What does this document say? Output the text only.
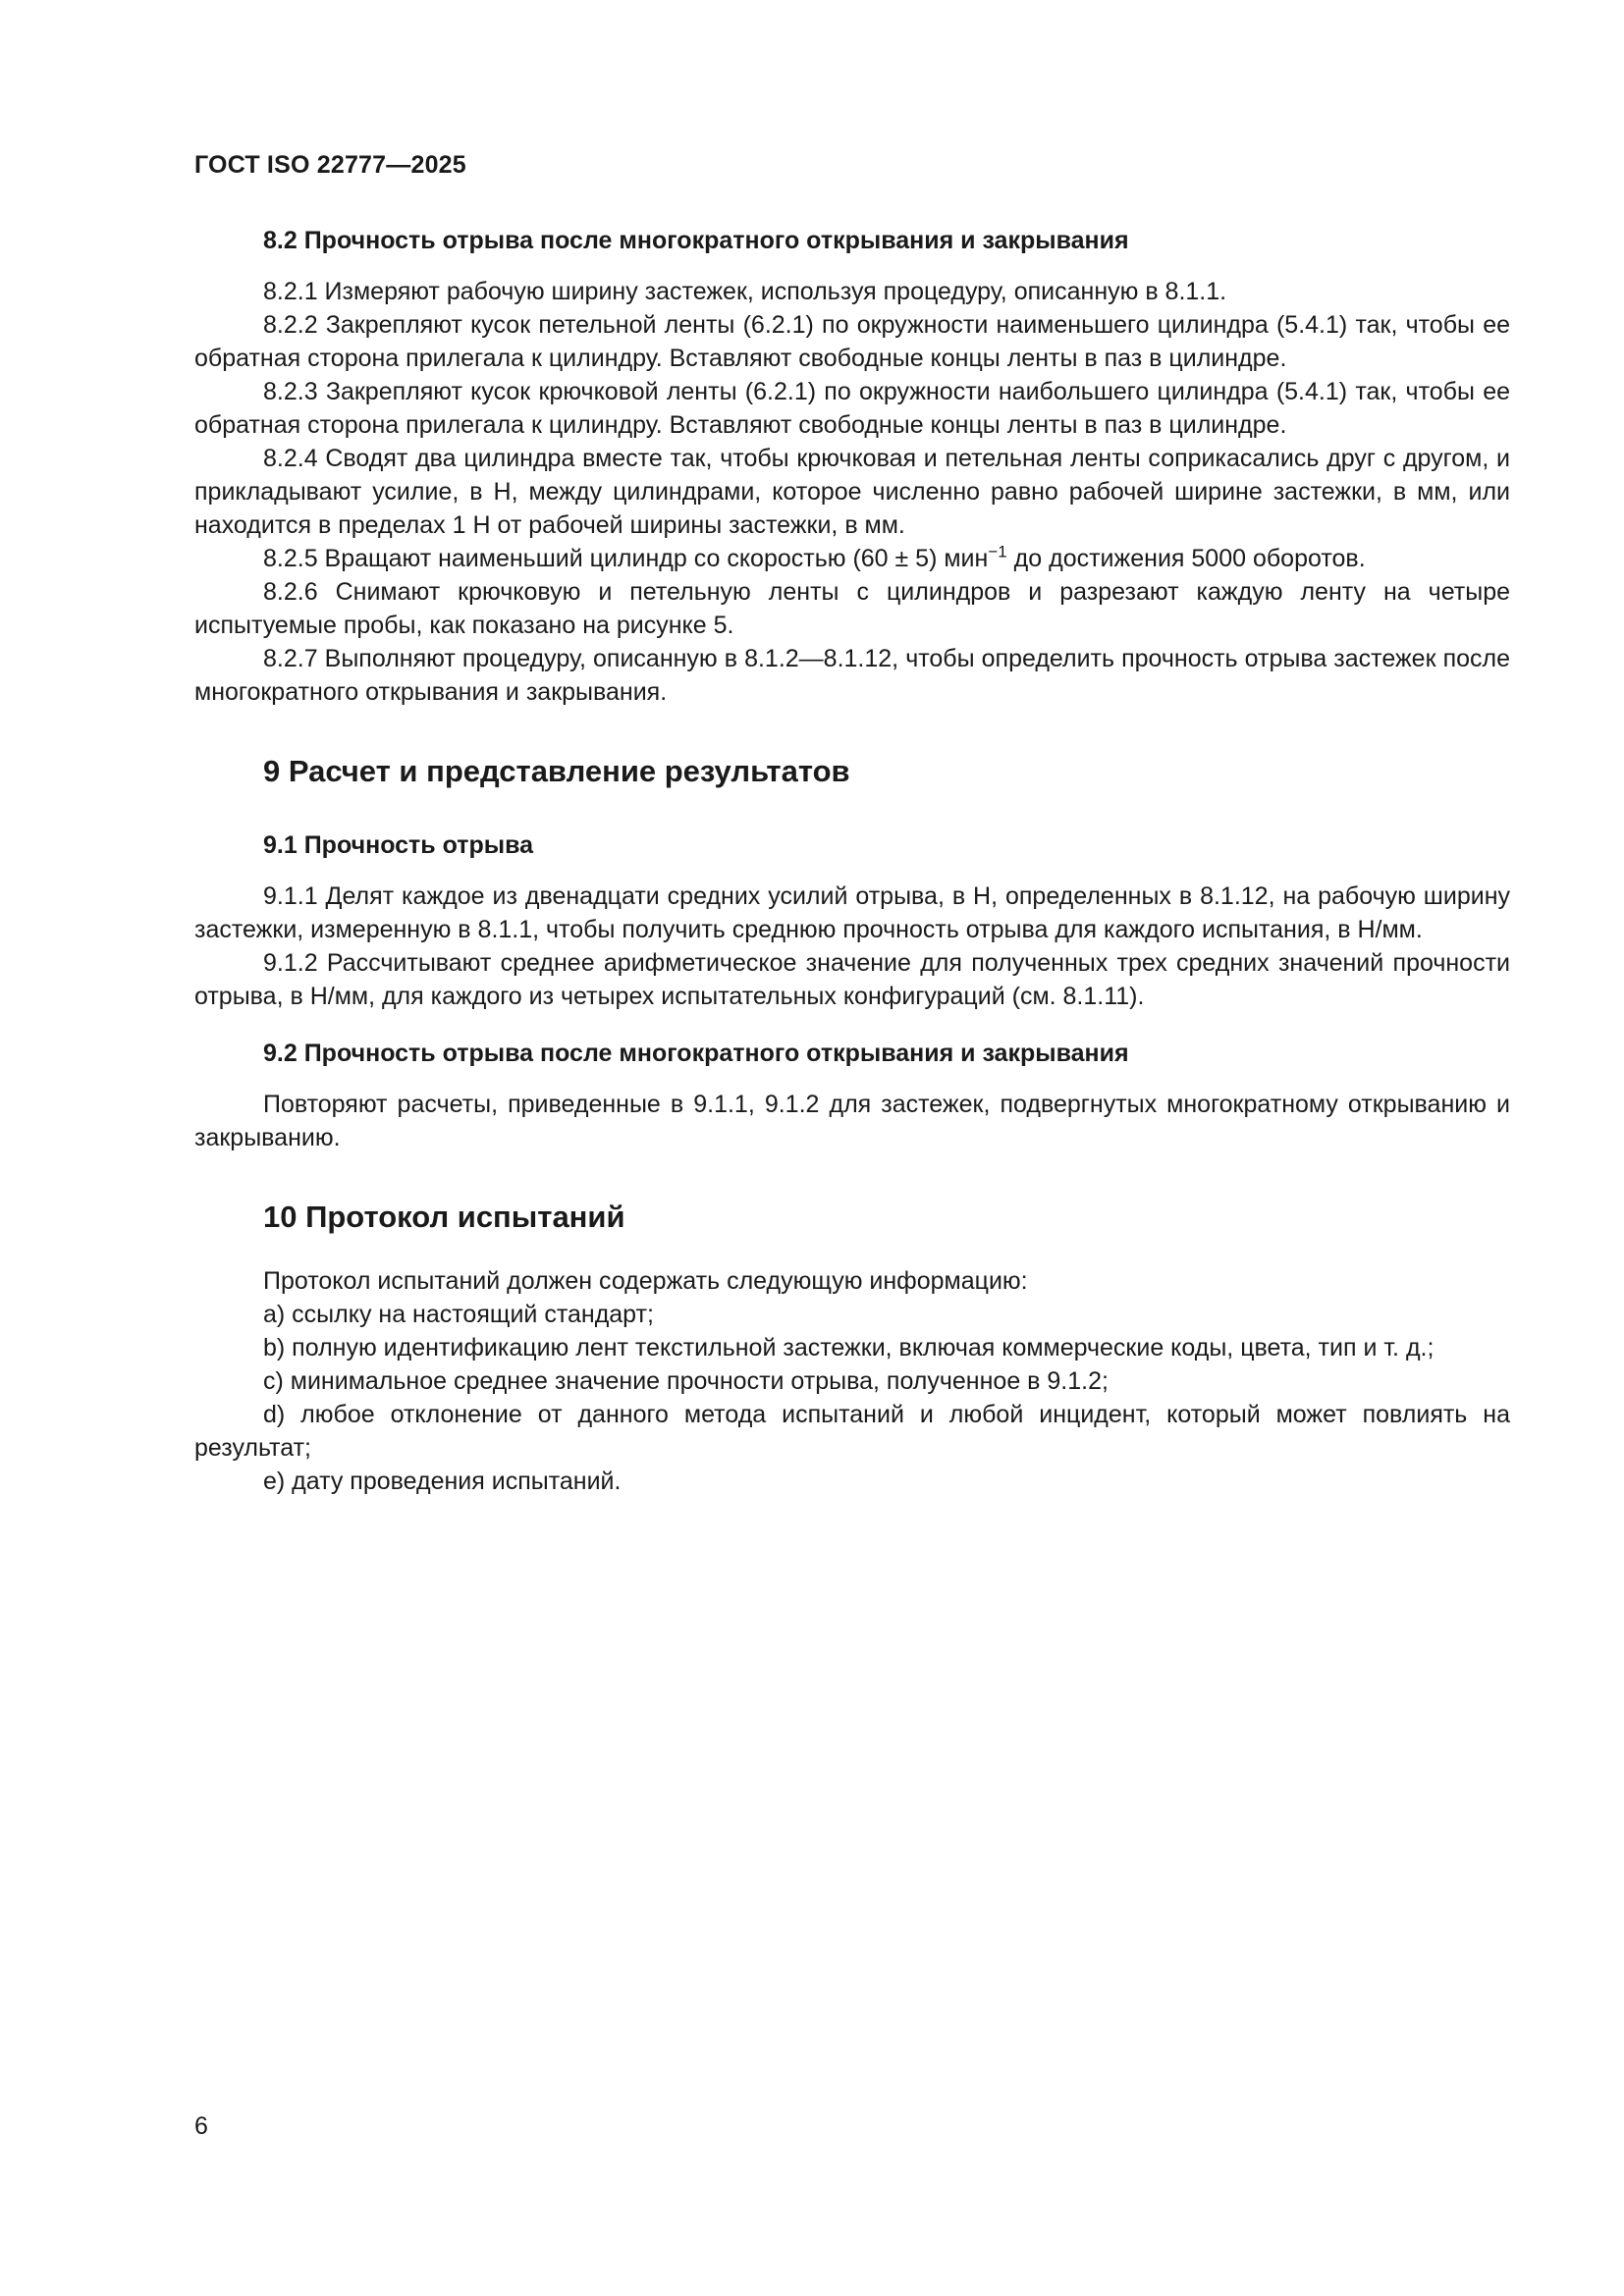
ГОСТ ISO 22777—2025
8.2 Прочность отрыва после многократного открывания и закрывания

8.2.1 Измеряют рабочую ширину застежек, используя процедуру, описанную в 8.1.1.

8.2.2 Закрепляют кусок петельной ленты (6.2.1) по окружности наименьшего цилиндра (5.4.1) так, чтобы ее обратная сторона прилегала к цилиндру. Вставляют свободные концы ленты в паз в цилиндре.

8.2.3 Закрепляют кусок крючковой ленты (6.2.1) по окружности наибольшего цилиндра (5.4.1) так, чтобы ее обратная сторона прилегала к цилиндру. Вставляют свободные концы ленты в паз в цилиндре.

8.2.4 Сводят два цилиндра вместе так, чтобы крючковая и петельная ленты соприкасались друг с другом, и прикладывают усилие, в Н, между цилиндрами, которое численно равно рабочей ширине застежки, в мм, или находится в пределах 1 Н от рабочей ширины застежки, в мм.

8.2.5 Вращают наименьший цилиндр со скоростью (60 ± 5) мин$^{-1}$ до достижения 5000 оборотов.

8.2.6 Снимают крючковую и петельную ленты с цилиндров и разрезают каждую ленту на четыре испытуемые пробы, как показано на рисунке 5.

8.2.7 Выполняют процедуру, описанную в 8.1.2—8.1.12, чтобы определить прочность отрыва застежек после многократного открывания и закрывания.

9 Расчет и представление результатов
9.1 Прочность отрыва

9.1.1 Делят каждое из двенадцати средних усилий отрыва, в Н, определенных в 8.1.12, на рабочую ширину застежки, измеренную в 8.1.1, чтобы получить среднюю прочность отрыва для каждого испытания, в Н/мм.

9.1.2 Рассчитывают среднее арифметическое значение для полученных трех средних значений прочности отрыва, в Н/мм, для каждого из четырех испытательных конфигураций (см. 8.1.11).

9.2 Прочность отрыва после многократного открывания и закрывания

Повторяют расчеты, приведенные в 9.1.1, 9.1.2 для застежек, подвергнутых многократному открыванию и закрыванию.

10 Протокол испытаний

Протокол испытаний должен содержать следующую информацию:

a) ссылку на настоящий стандарт;

b) полную идентификацию лент текстильной застежки, включая коммерческие коды, цвета, тип и т. д.;

c) минимальное среднее значение прочности отрыва, полученное в 9.1.2;

d) любое отклонение от данного метода испытаний и любой инцидент, который может повлиять на результат;

e) дату проведения испытаний.

6
